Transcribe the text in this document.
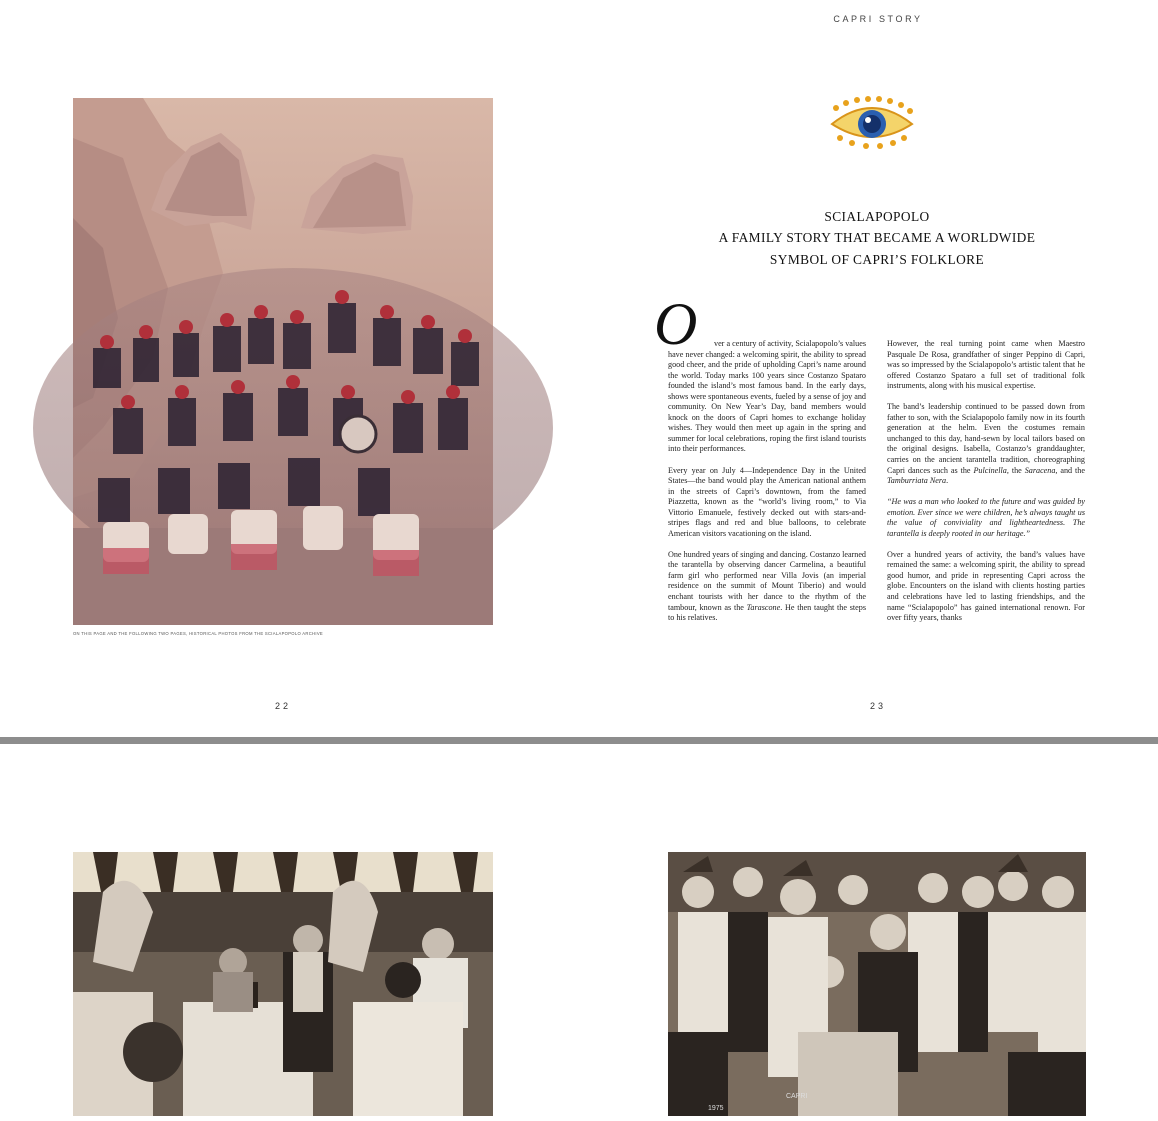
CAPRI STORY
ON THIS PAGE AND THE FOLLOWING TWO PAGES, HISTORICAL PHOTOS FROM THE SCIALAPOPOLO ARCHIVE
22	23
SCIALAPOPOLO
A FAMILY STORY THAT BECAME A WORLDWIDE
SYMBOL OF CAPRI’S FOLKLORE
O	ver a century of activity, Scialapopolo’s values have never changed: a welcoming spirit, the ability to spread good cheer, and the pride of upholding Capri’s name around the world. Today marks 100 years since Costanzo Spataro founded the island’s most famous band. In the early days, shows were spontaneous events, fueled by a sense of joy and community. On New Year’s Day, band members would knock on the doors of Capri homes to exchange holiday wishes. They would then meet up again in the spring and summer for local celebrations, roping the first island tourists into their performances.

Every year on July 4—Independence Day in the United States—the band would play the American national anthem in the streets of Capri’s downtown, from the famed Piazzetta, known as the “world’s living room,” to Via Vittorio Emanuele, festively decked out with stars-and-stripes flags and red and blue balloons, to celebrate American visitors vacationing on the island.

One hundred years of singing and dancing. Costanzo learned the tarantella by observing dancer Carmelina, a beautiful farm girl who performed near Villa Jovis (an imperial residence on the summit of Mount Tiberio) and would enchant tourists with her dance to the rhythm of the tambour, known as the Tarascone. He then taught the steps to his relatives.

However, the real turning point came when Maestro Pasquale De Rosa, grandfather of singer Peppino di Capri, was so impressed by the Scialapopolo’s artistic talent that he offered Costanzo Spataro a full set of traditional folk instruments, along with his musical expertise.

The band’s leadership continued to be passed down from father to son, with the Scialapopolo family now in its fourth generation at the helm. Even the costumes remain unchanged to this day, hand-sewn by local tailors based on the original designs. Isabella, Costanzo’s granddaughter, carries on the ancient tarantella tradition, choreographing Capri dances such as the Pulcinella, the Saracena, and the Tamburriata Nera.

“He was a man who looked to the future and was guided by emotion. Ever since we were children, he’s always taught us the value of conviviality and lightheartedness. The tarantella is deeply rooted in our heritage.”

Over a hundred years of activity, the band’s values have remained the same: a welcoming spirit, the ability to spread good humor, and pride in representing Capri across the globe. Encounters on the island with clients hosting parties and celebrations have led to lasting friendships, and the name “Scialapopolo” has gained international renown. For over fifty years, thanks

1975
CAPRI
